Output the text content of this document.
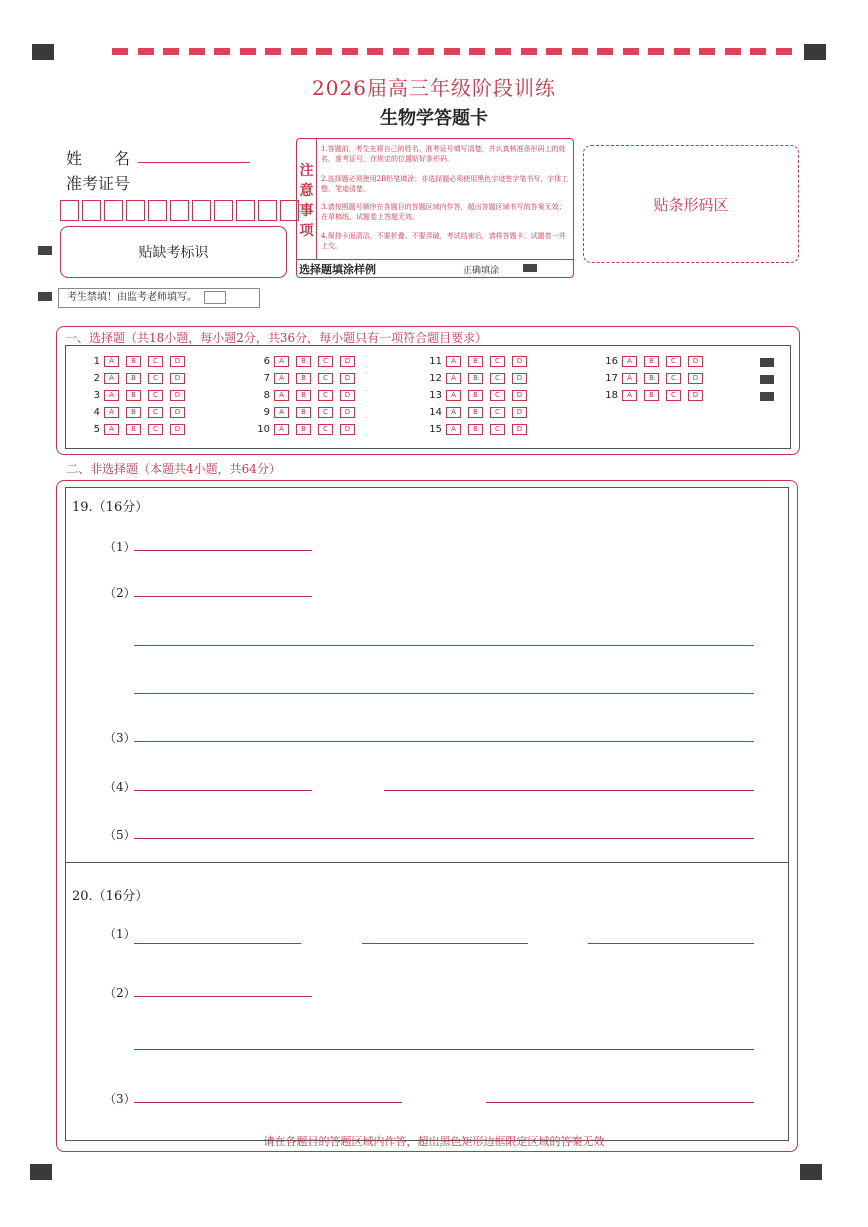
2026届高三年级阶段训练
生物学答题卡
姓　　名
准考证号
贴缺考标识
考生禁填！由监考老师填写。
注
意
事
项
1.答题前，考生先将自己的姓名、准考证号填写清楚，并认真核准条形码上的姓名、准考证号，在规定的位置贴好条形码。
2.选择题必须使用2B铅笔填涂；非选择题必须使用黑色字迹签字笔书写，字体工整、笔迹清楚。
3.请按照题号顺序在各题目的答题区域内作答，超出答题区域书写的答案无效；在草稿纸、试题卷上答题无效。
4.保持卡面清洁，不要折叠、不要弄破，考试结束后，请将答题卡、试题卷一并上交。
选择题填涂样例	正确填涂
贴条形码区
一、选择题（共18小题，每小题2分，共36分，每小题只有一项符合题目要求）
1	A	B	C	D
2	A	B	C	D
3	A	B	C	D
4	A	B	C	D
5	A	B	C	D
6	A	B	C	D
7	A	B	C	D
8	A	B	C	D
9	A	B	C	D
10	A	B	C	D
11	A	B	C	D
12	A	B	C	D
13	A	B	C	D
14	A	B	C	D
15	A	B	C	D
16	A	B	C	D
17	A	B	C	D
18	A	B	C	D
二、非选择题（本题共4小题，共64分）
19.（16分）
（1）
（2）
（3）
（4）
（5）
20.（16分）
（1）
（2）
（3）
请在各题目的答题区域内作答，超出黑色矩形边框限定区域的答案无效
